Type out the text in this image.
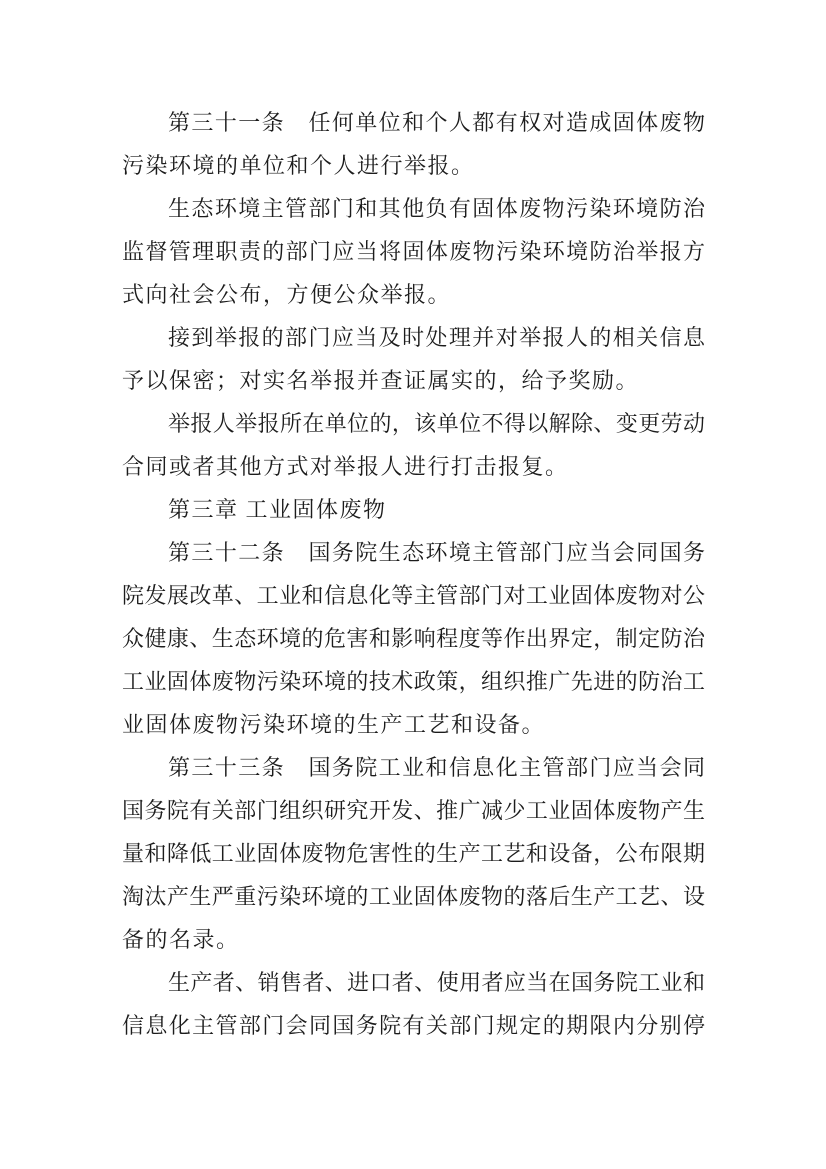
第三十一条　任何单位和个人都有权对造成固体废物
污染环境的单位和个人进行举报。
生态环境主管部门和其他负有固体废物污染环境防治
监督管理职责的部门应当将固体废物污染环境防治举报方
式向社会公布，方便公众举报。
接到举报的部门应当及时处理并对举报人的相关信息
予以保密；对实名举报并查证属实的，给予奖励。
举报人举报所在单位的，该单位不得以解除、变更劳动
合同或者其他方式对举报人进行打击报复。
第三章 工业固体废物
第三十二条　国务院生态环境主管部门应当会同国务
院发展改革、工业和信息化等主管部门对工业固体废物对公
众健康、生态环境的危害和影响程度等作出界定，制定防治
工业固体废物污染环境的技术政策，组织推广先进的防治工
业固体废物污染环境的生产工艺和设备。
第三十三条　国务院工业和信息化主管部门应当会同
国务院有关部门组织研究开发、推广减少工业固体废物产生
量和降低工业固体废物危害性的生产工艺和设备，公布限期
淘汰产生严重污染环境的工业固体废物的落后生产工艺、设
备的名录。
生产者、销售者、进口者、使用者应当在国务院工业和
信息化主管部门会同国务院有关部门规定的期限内分别停
